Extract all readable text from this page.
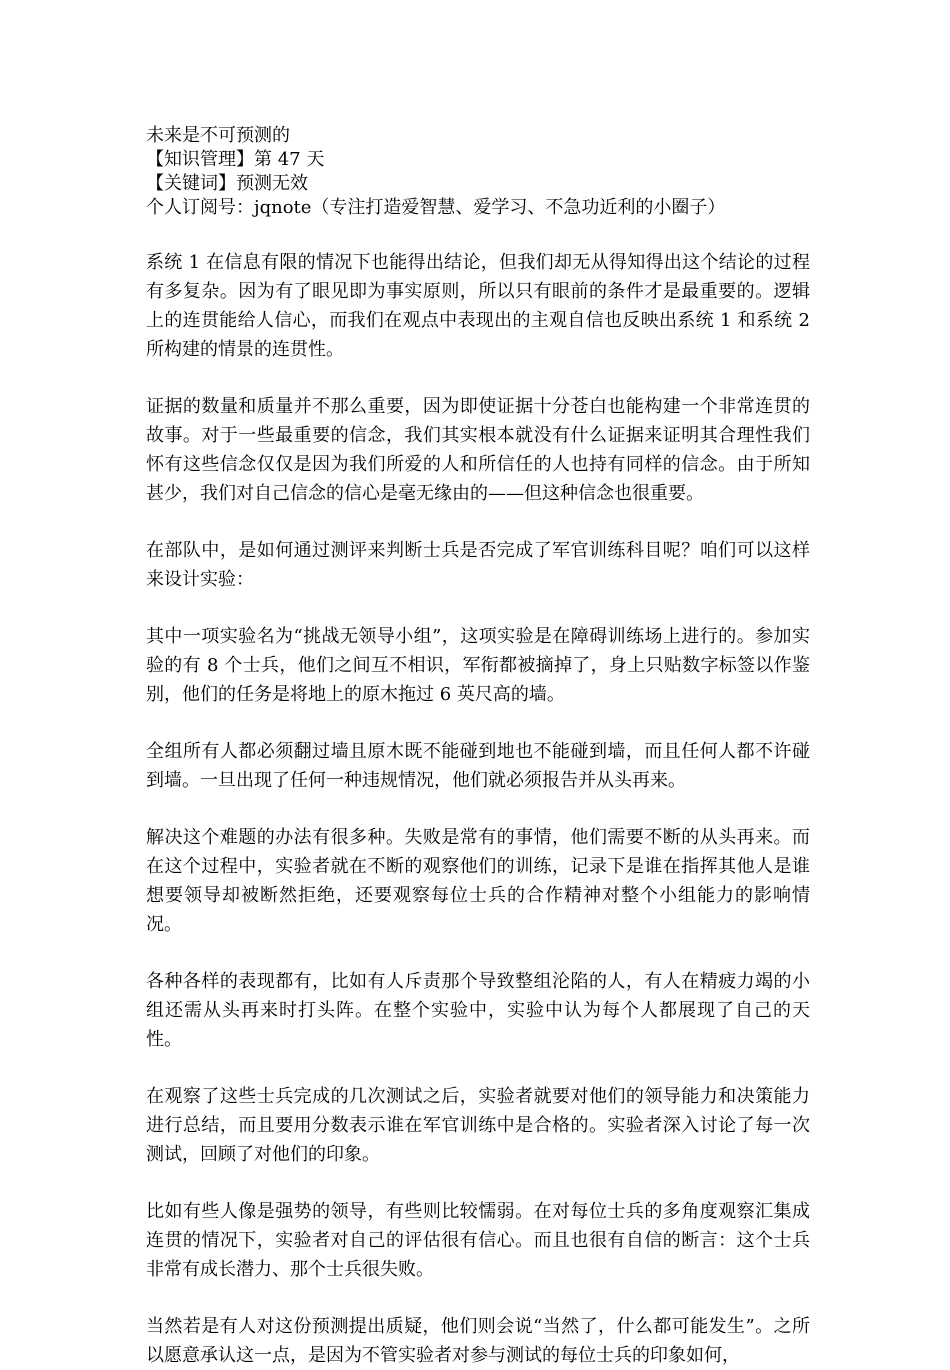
未来是不可预测的

【知识管理】第 47 天

【关键词】预测无效

个人订阅号：jqnote（专注打造爱智慧、爱学习、不急功近利的小圈子）

系统 1 在信息有限的情况下也能得出结论，但我们却无从得知得出这个结论的过程有多复杂。因为有了眼见即为事实原则，所以只有眼前的条件才是最重要的。逻辑上的连贯能给人信心，而我们在观点中表现出的主观自信也反映出系统 1 和系统 2 所构建的情景的连贯性。

证据的数量和质量并不那么重要，因为即使证据十分苍白也能构建一个非常连贯的故事。对于一些最重要的信念，我们其实根本就没有什么证据来证明其合理性我们怀有这些信念仅仅是因为我们所爱的人和所信任的人也持有同样的信念。由于所知甚少，我们对自己信念的信心是毫无缘由的——但这种信念也很重要。

在部队中，是如何通过测评来判断士兵是否完成了军官训练科目呢？咱们可以这样来设计实验：

其中一项实验名为“挑战无领导小组”，这项实验是在障碍训练场上进行的。参加实验的有 8 个士兵，他们之间互不相识，军衔都被摘掉了，身上只贴数字标签以作鉴别，他们的任务是将地上的原木拖过 6 英尺高的墙。

全组所有人都必须翻过墙且原木既不能碰到地也不能碰到墙，而且任何人都不许碰到墙。一旦出现了任何一种违规情况，他们就必须报告并从头再来。

解决这个难题的办法有很多种。失败是常有的事情，他们需要不断的从头再来。而在这个过程中，实验者就在不断的观察他们的训练，记录下是谁在指挥其他人是谁想要领导却被断然拒绝，还要观察每位士兵的合作精神对整个小组能力的影响情况。

各种各样的表现都有，比如有人斥责那个导致整组沦陷的人，有人在精疲力竭的小组还需从头再来时打头阵。在整个实验中，实验中认为每个人都展现了自己的天性。

在观察了这些士兵完成的几次测试之后，实验者就要对他们的领导能力和决策能力进行总结，而且要用分数表示谁在军官训练中是合格的。实验者深入讨论了每一次测试，回顾了对他们的印象。

比如有些人像是强势的领导，有些则比较懦弱。在对每位士兵的多角度观察汇集成连贯的情况下，实验者对自己的评估很有信心。而且也很有自信的断言：这个士兵非常有成长潜力、那个士兵很失败。

当然若是有人对这份预测提出质疑，他们则会说“当然了，什么都可能发生”。之所以愿意承认这一点，是因为不管实验者对参与测试的每位士兵的印象如何，
